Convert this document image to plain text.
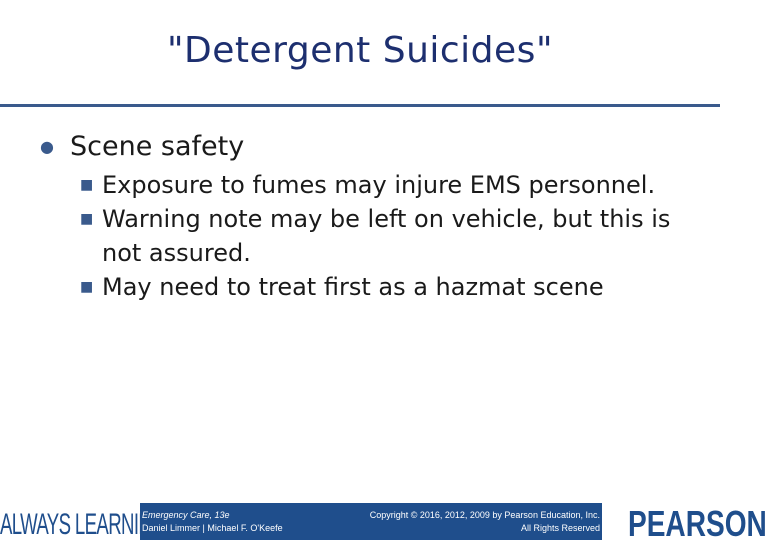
"Detergent Suicides"
● Scene safety
■ Exposure to fumes may injure EMS personnel.
■ Warning note may be left on vehicle, but this is not assured.
■ May need to treat first as a hazmat scene
ALWAYS LEARNING
Emergency Care, 13e
Daniel Limmer | Michael F. O'Keefe
Copyright © 2016, 2012, 2009 by Pearson Education, Inc.
All Rights Reserved PEARSON
